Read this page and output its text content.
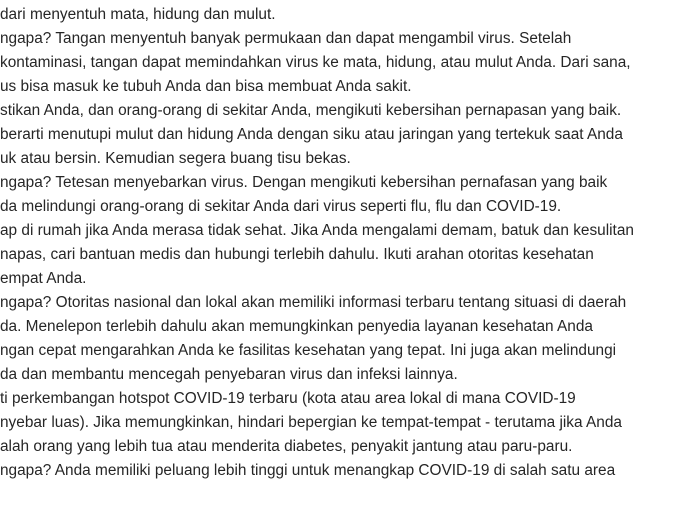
dari menyentuh mata, hidung dan mulut.
ngapa? Tangan menyentuh banyak permukaan dan dapat mengambil virus. Setelah
kontaminasi, tangan dapat memindahkan virus ke mata, hidung, atau mulut Anda. Dari sana,
us bisa masuk ke tubuh Anda dan bisa membuat Anda sakit.
stikan Anda, dan orang-orang di sekitar Anda, mengikuti kebersihan pernapasan yang baik.
berarti menutupi mulut dan hidung Anda dengan siku atau jaringan yang tertekuk saat Anda
uk atau bersin. Kemudian segera buang tisu bekas.
ngapa? Tetesan menyebarkan virus. Dengan mengikuti kebersihan pernafasan yang baik
da melindungi orang-orang di sekitar Anda dari virus seperti flu, flu dan COVID-19.
ap di rumah jika Anda merasa tidak sehat. Jika Anda mengalami demam, batuk dan kesulitan
napas, cari bantuan medis dan hubungi terlebih dahulu. Ikuti arahan otoritas kesehatan
empat Anda.
ngapa? Otoritas nasional dan lokal akan memiliki informasi terbaru tentang situasi di daerah
da. Menelepon terlebih dahulu akan memungkinkan penyedia layanan kesehatan Anda
ngan cepat mengarahkan Anda ke fasilitas kesehatan yang tepat. Ini juga akan melindungi
da dan membantu mencegah penyebaran virus dan infeksi lainnya.
ti perkembangan hotspot COVID-19 terbaru (kota atau area lokal di mana COVID-19
nyebar luas). Jika memungkinkan, hindari bepergian ke tempat-tempat - terutama jika Anda
alah orang yang lebih tua atau menderita diabetes, penyakit jantung atau paru-paru.
ngapa? Anda memiliki peluang lebih tinggi untuk menangkap COVID-19 di salah satu area
